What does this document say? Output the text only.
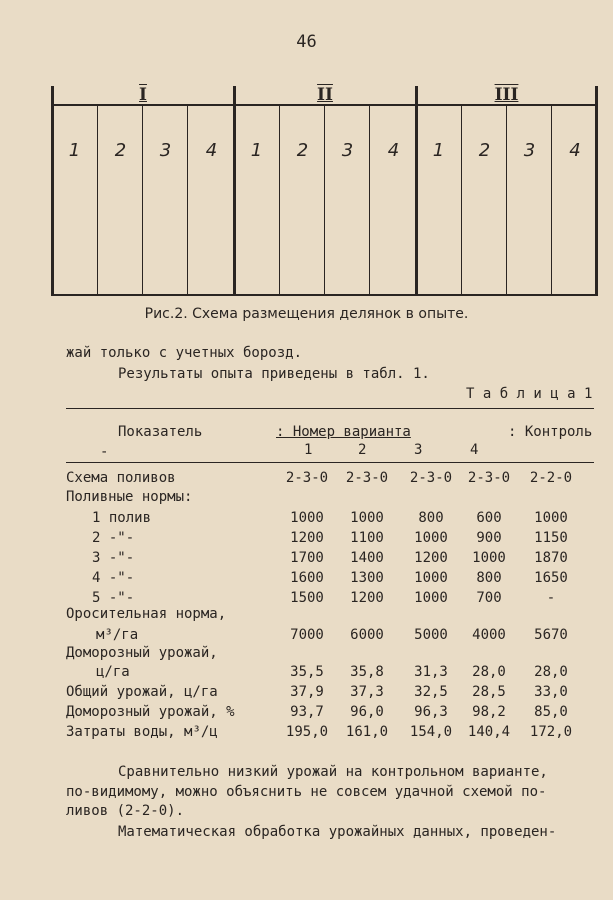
46
I
1	2	3	4
II
1	2	3	4
III
1	2	3	4
Рис.2. Схема размещения делянок в опыте.
жай только с учетных борозд.
Результаты опыта приведены в табл. 1.
Т а б л и ц а 1
Показатель	: Номер варианта	: Контроль
-	1	2	3	4
Схема поливов	2-3-0	2-3-0	2-3-0	2-3-0	2-2-0
Поливные нормы:
1 полив	1000	1000	800	600	1000
2 -"-	1200	1100	1000	900	1150
3 -"-	1700	1400	1200	1000	1870
4 -"-	1600	1300	1000	800	1650
5 -"-	1500	1200	1000	700	-
Оросительная норма,
м³/га	7000	6000	5000	4000	5670
Доморозный урожай,
ц/га	35,5	35,8	31,3	28,0	28,0
Общий урожай, ц/га	37,9	37,3	32,5	28,5	33,0
Доморозный урожай, %	93,7	96,0	96,3	98,2	85,0
Затраты воды, м³/ц	195,0	161,0	154,0	140,4	172,0
Сравнительно низкий урожай на контрольном варианте,
по-видимому, можно объяснить не совсем удачной схемой по-
ливов (2-2-0).
Математическая обработка урожайных данных, проведен-
